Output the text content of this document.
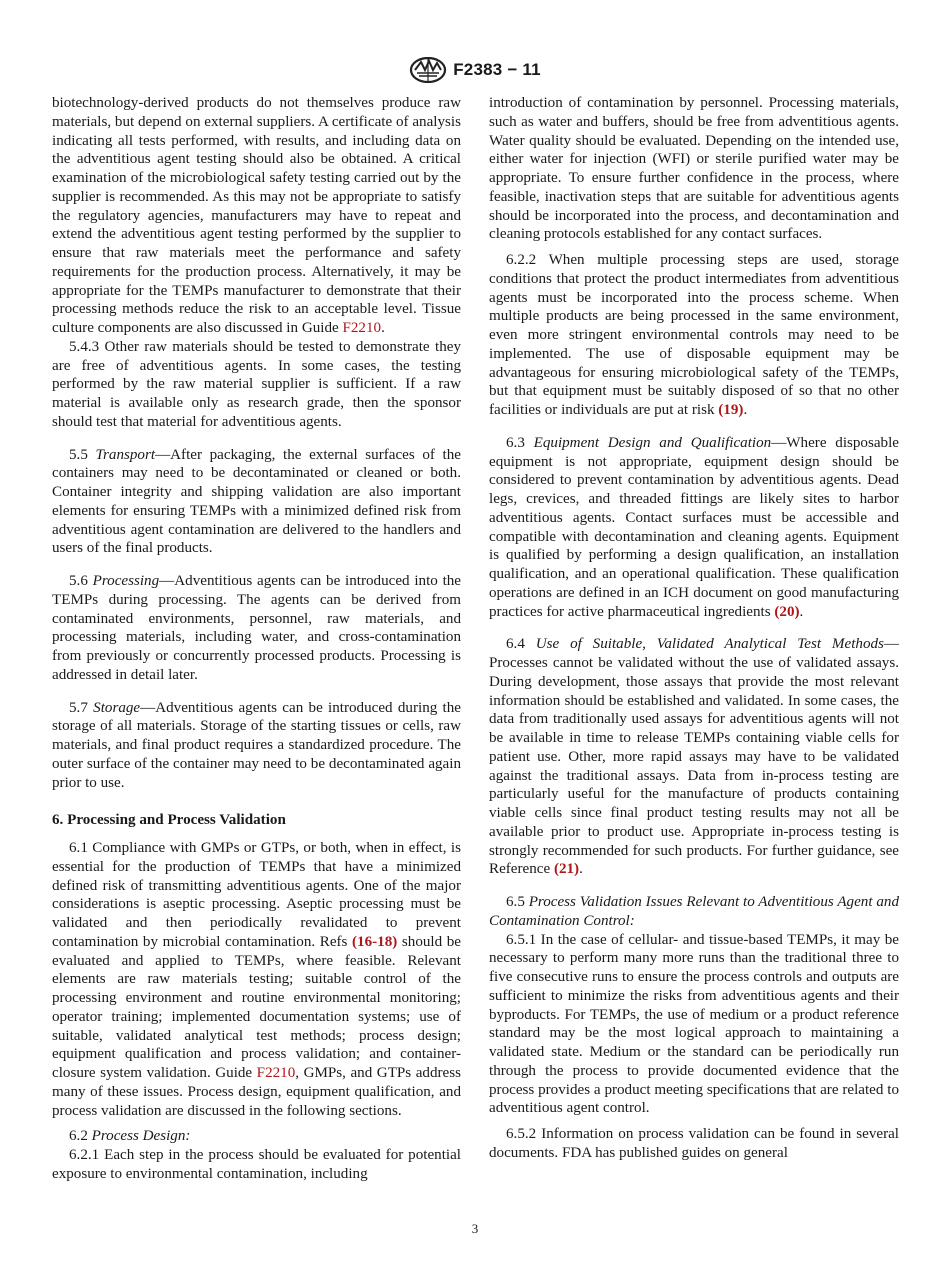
F2383 − 11

biotechnology-derived products do not themselves produce raw materials, but depend on external suppliers. A certificate of analysis indicating all tests performed, with results, and including data on the adventitious agent testing should also be obtained. A critical examination of the microbiological safety testing carried out by the supplier is recommended. As this may not be appropriate to satisfy the regulatory agencies, manufacturers may have to repeat and extend the adventitious agent testing performed by the supplier to ensure that raw materials meet the performance and safety requirements for the production process. Alternatively, it may be appropriate for the TEMPs manufacturer to demonstrate that their processing methods reduce the risk to an acceptable level. Tissue culture components are also discussed in Guide F2210.

5.4.3 Other raw materials should be tested to demonstrate they are free of adventitious agents. In some cases, the testing performed by the raw material supplier is sufficient. If a raw material is available only as research grade, then the sponsor should test that material for adventitious agents.

5.5 Transport—After packaging, the external surfaces of the containers may need to be decontaminated or cleaned or both. Container integrity and shipping validation are also important elements for ensuring TEMPs with a minimized defined risk from adventitious agent contamination are delivered to the handlers and users of the final products.

5.6 Processing—Adventitious agents can be introduced into the TEMPs during processing. The agents can be derived from contaminated environments, personnel, raw materials, and processing materials, including water, and cross-contamination from previously or concurrently processed products. Processing is addressed in detail later.

5.7 Storage—Adventitious agents can be introduced during the storage of all materials. Storage of the starting tissues or cells, raw materials, and final product requires a standardized procedure. The outer surface of the container may need to be decontaminated again prior to use.

6. Processing and Process Validation

6.1 Compliance with GMPs or GTPs, or both, when in effect, is essential for the production of TEMPs that have a minimized defined risk of transmitting adventitious agents. One of the major considerations is aseptic processing. Aseptic processing must be validated and then periodically revalidated to prevent contamination by microbial contamination. Refs (16-18) should be evaluated and applied to TEMPs, where feasible. Relevant elements are raw materials testing; suitable control of the processing environment and routine environmental monitoring; operator training; implemented documentation systems; use of suitable, validated analytical test methods; process design; equipment qualification and process validation; and container-closure system validation. Guide F2210, GMPs, and GTPs address many of these issues. Process design, equipment qualification, and process validation are discussed in the following sections.

6.2 Process Design:

6.2.1 Each step in the process should be evaluated for potential exposure to environmental contamination, including

introduction of contamination by personnel. Processing materials, such as water and buffers, should be free from adventitious agents. Water quality should be evaluated. Depending on the intended use, either water for injection (WFI) or sterile purified water may be appropriate. To ensure further confidence in the process, where feasible, inactivation steps that are suitable for adventitious agents should be incorporated into the process, and decontamination and cleaning protocols established for any contact surfaces.

6.2.2 When multiple processing steps are used, storage conditions that protect the product intermediates from adventitious agents must be incorporated into the process scheme. When multiple products are being processed in the same environment, even more stringent environmental controls may need to be implemented. The use of disposable equipment may be advantageous for ensuring microbiological safety of the TEMPs, but that equipment must be suitably disposed of so that no other facilities or individuals are put at risk (19).

6.3 Equipment Design and Qualification—Where disposable equipment is not appropriate, equipment design should be considered to prevent contamination by adventitious agents. Dead legs, crevices, and threaded fittings are likely sites to harbor adventitious agents. Contact surfaces must be accessible and compatible with decontamination and cleaning agents. Equipment is qualified by performing a design qualification, an installation qualification, and an operational qualification. These qualification operations are defined in an ICH document on good manufacturing practices for active pharmaceutical ingredients (20).

6.4 Use of Suitable, Validated Analytical Test Methods—Processes cannot be validated without the use of validated assays. During development, those assays that provide the most relevant information should be established and validated. In some cases, the data from traditionally used assays for adventitious agents will not be available in time to release TEMPs containing viable cells for patient use. Other, more rapid assays may have to be validated against the traditional assays. Data from in-process testing are particularly useful for the manufacture of products containing viable cells since final product testing results may not all be available prior to product use. Appropriate in-process testing is strongly recommended for such products. For further guidance, see Reference (21).

6.5 Process Validation Issues Relevant to Adventitious Agent and Contamination Control:

6.5.1 In the case of cellular- and tissue-based TEMPs, it may be necessary to perform many more runs than the traditional three to five consecutive runs to ensure the process controls and outputs are sufficient to minimize the risks from adventitious agents and their byproducts. For TEMPs, the use of medium or a product reference standard may be the most logical approach to maintaining a validated state. Medium or the standard can be periodically run through the process to provide documented evidence that the process provides a product meeting specifications that are related to adventitious agent control.

6.5.2 Information on process validation can be found in several documents. FDA has published guides on general

3
